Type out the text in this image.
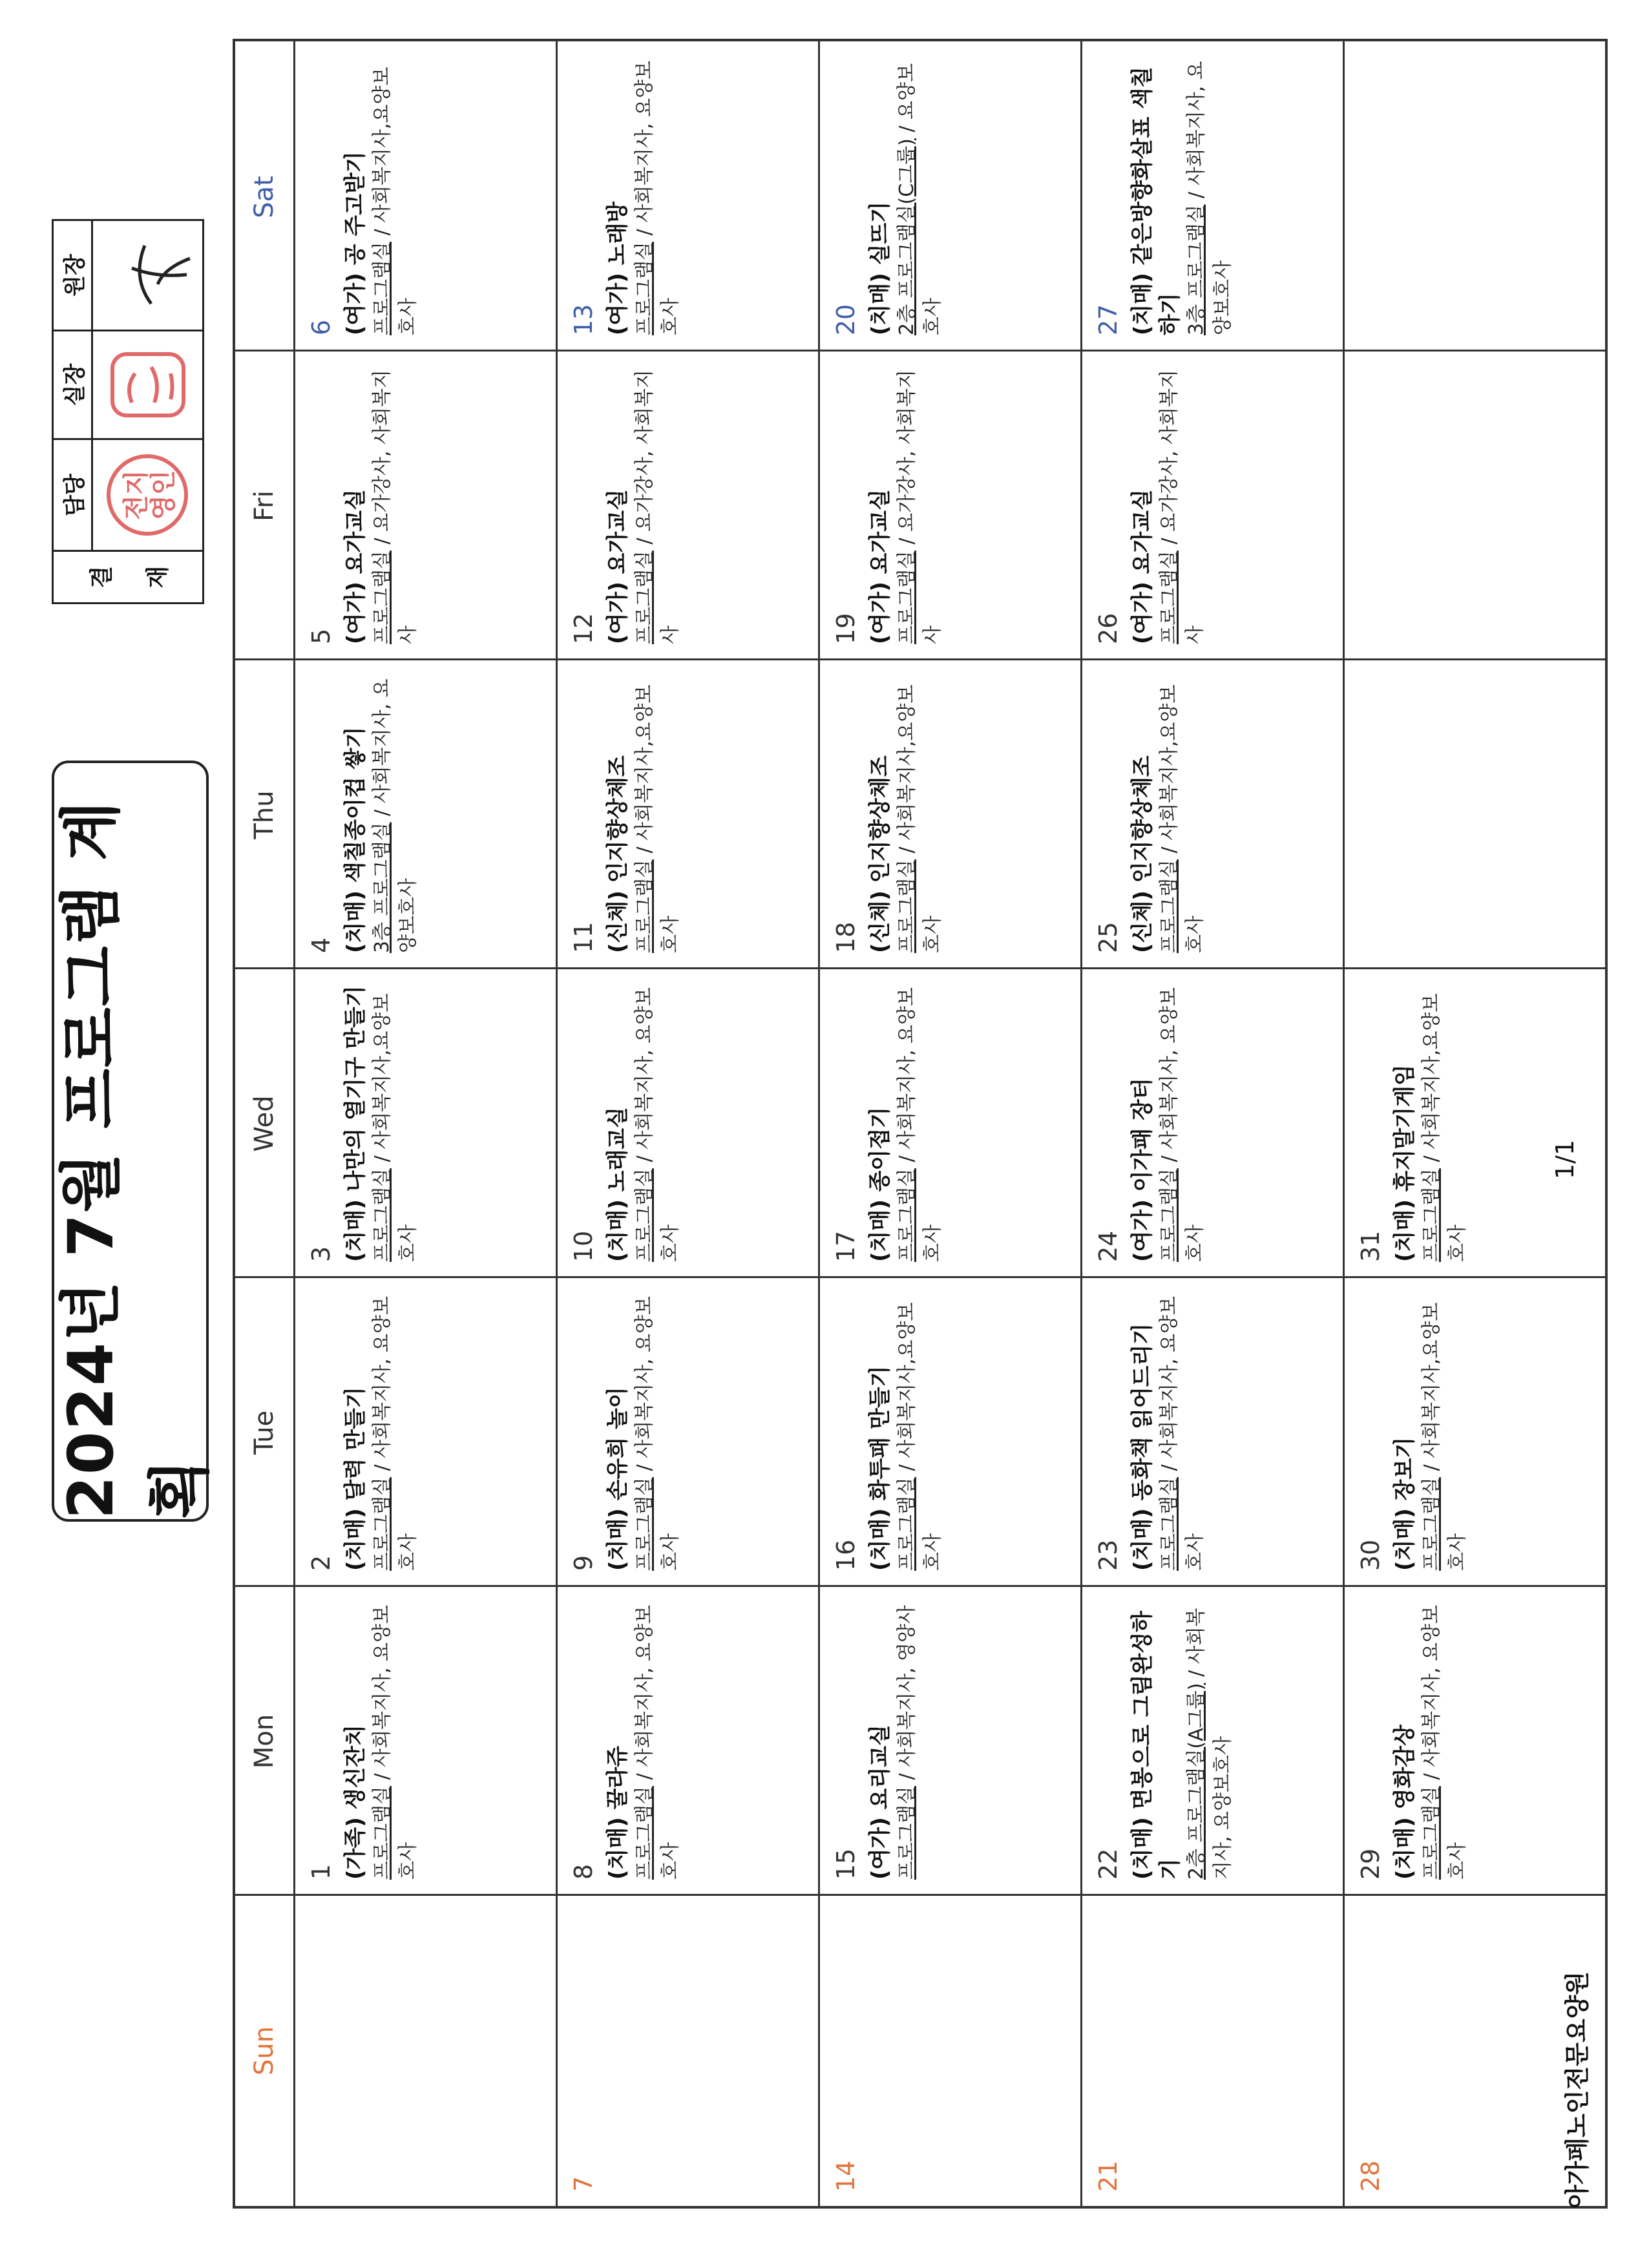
2024년 7월 프로그램 계획
결 재
담당 전지
영인
실장
원장
Sun
Mon
Tue
Wed
Thu
Fri
Sat
1 (가족) 생신잔치 프로그램실 / 사회복지사, 요양보호사
2 (치매) 달력 만들기 프로그램실 / 사회복지사, 요양보호사
3 (치매) 나만의 열기구 만들기 프로그램실 / 사회복지사,요양보호사
4 (치매) 색칠종이컵 쌓기 3층 프로그램실 / 사회복지사, 요양보호사
5 (여가) 요가교실 프로그램실 / 요가강사, 사회복지사
6 (여가) 공 주고받기 프로그램실 / 사회복지사,요양보호사
7
8 (치매) 꿀라쥬 프로그램실 / 사회복지사, 요양보호사
9 (치매) 손유희 놀이 프로그램실 / 사회복지사, 요양보호사
10 (치매) 노래교실 프로그램실 / 사회복지사, 요양보호사
11 (신체) 인지향상체조 프로그램실 / 사회복지사,요양보호사
12 (여가) 요가교실 프로그램실 / 요가강사, 사회복지사
13 (여가) 노래방 프로그램실 / 사회복지사, 요양보호사
14
15 (여가) 요리교실 프로그램실 / 사회복지사, 영양사
16 (치매) 화투패 만들기 프로그램실 / 사회복지사,요양보호사
17 (치매) 종이접기 프로그램실 / 사회복지사, 요양보호사
18 (신체) 인지향상체조 프로그램실 / 사회복지사,요양보호사
19 (여가) 요가교실 프로그램실 / 요가강사, 사회복지사
20 (치매) 실뜨기 2층 프로그램실(C그룹) / 요양보호사
21
22 (치매) 면봉으로 그림완성하기 2층 프로그램실(A그룹) / 사회복지사, 요양보호사
23 (치매) 동화책 읽어드리기 프로그램실 / 사회복지사, 요양보호사
24 (여가) 이가패 장터 프로그램실 / 사회복지사, 요양보호사
25 (신체) 인지향상체조 프로그램실 / 사회복지사,요양보호사
26 (여가) 요가교실 프로그램실 / 요가강사, 사회복지사
27 (치매) 같은방향화살표 색칠하기 3층 프로그램실 / 사회복지사, 요양보호사
28
29 (치매) 영화감상 프로그램실 / 사회복지사, 요양보호사
30 (치매) 장보기 프로그램실 / 사회복지사,요양보호사
31 (치매) 휴지말기게임 프로그램실 / 사회복지사,요양보호사
1/1
아가페노인전문요양원
